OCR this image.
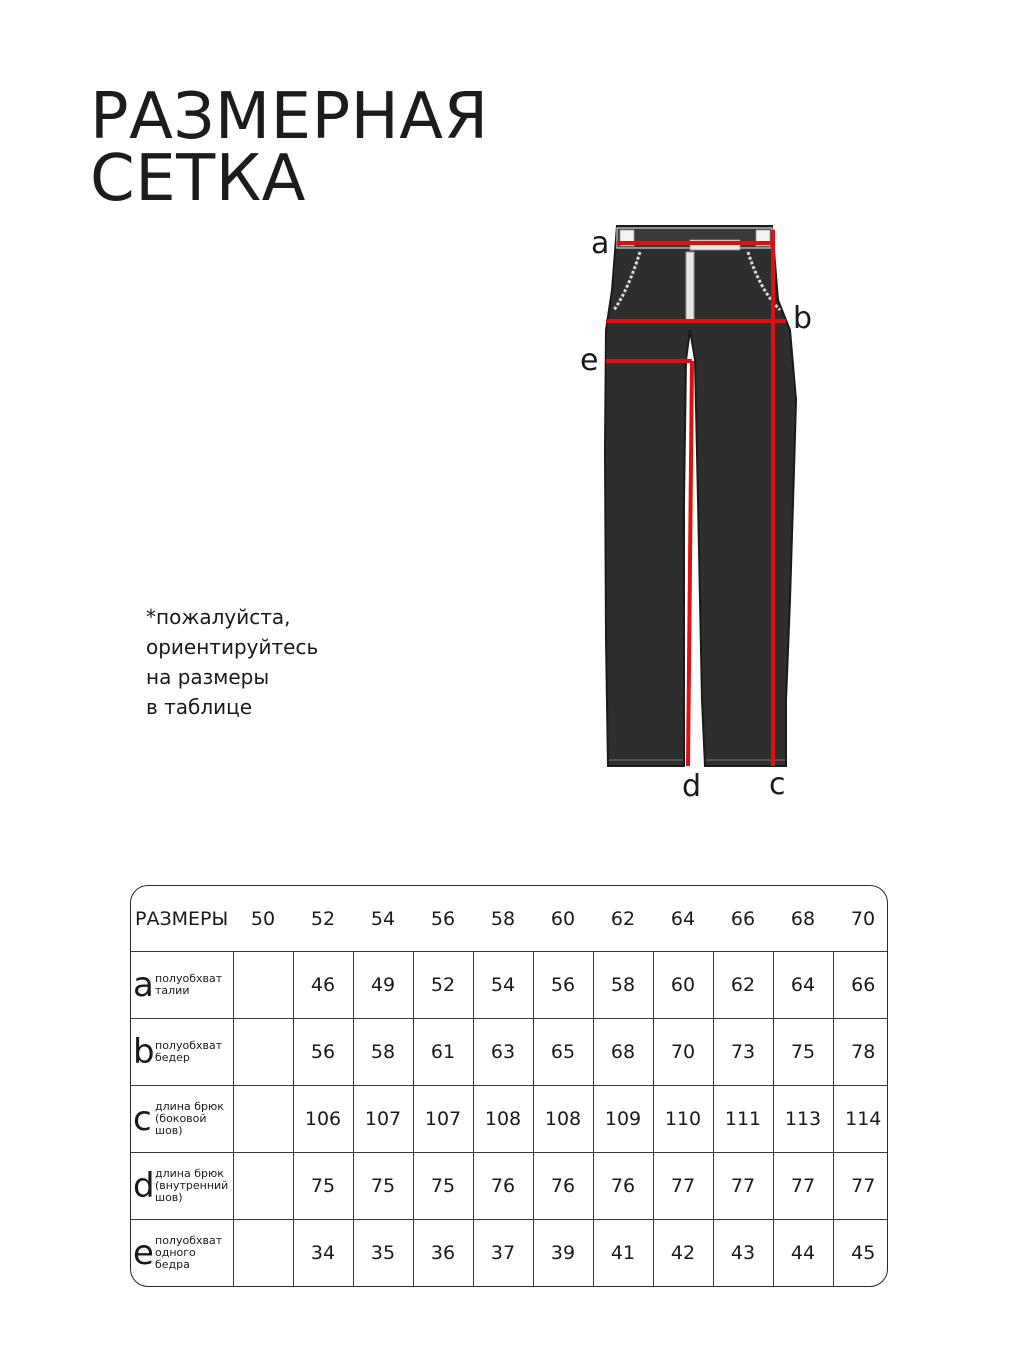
РАЗМЕРНАЯ
СЕТКА
*пожалуйста,
ориентируйтесь
на размеры
в таблице
a
b
e
d c
РАЗМЕРЫ	50	52	54	56	58	60	62	64	66	68	70
a полуобхват
талии		46	49	52	54	56	58	60	62	64	66
b полуобхват
бедер		56	58	61	63	65	68	70	73	75	78
c длина брюк
(боковой
шов)		106	107	107	108	108	109	110	111	113	114
d длина брюк
(внутренний
шов)		75	75	75	76	76	76	77	77	77	77
e полуобхват
одного
бедра		34	35	36	37	39	41	42	43	44	45
